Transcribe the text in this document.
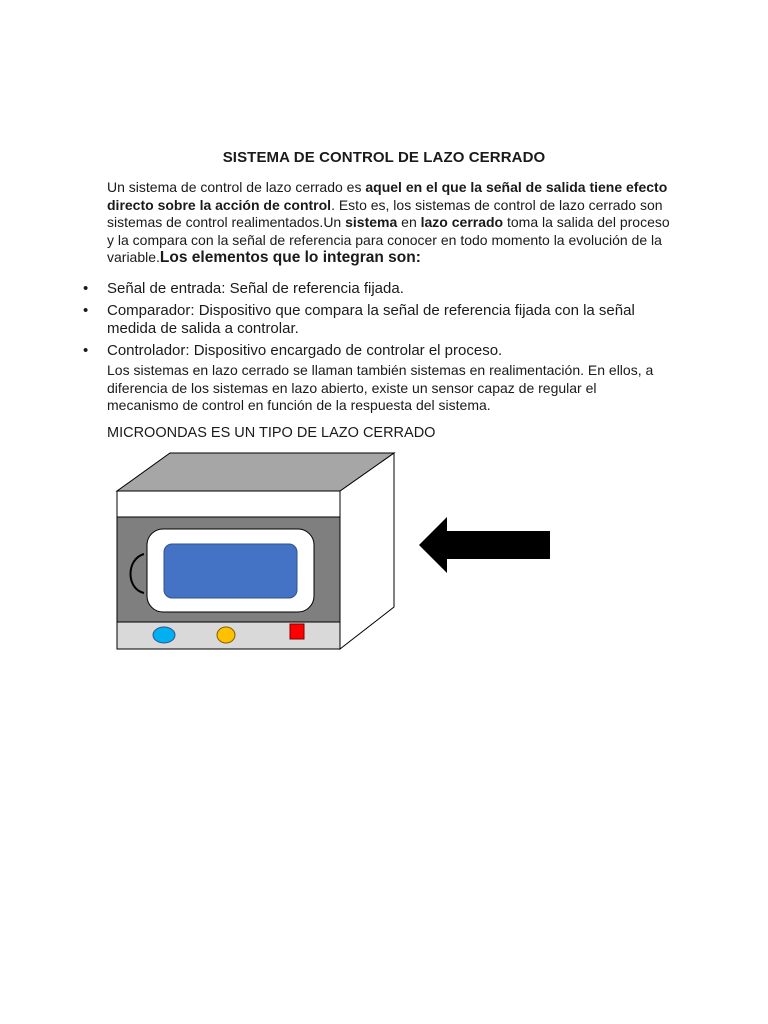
SISTEMA DE CONTROL DE LAZO CERRADO

Un sistema de control de lazo cerrado es aquel en el que la señal de salida tiene efecto directo sobre la acción de control. Esto es, los sistemas de control de lazo cerrado son sistemas de control realimentados.Un sistema en lazo cerrado toma la salida del proceso y la compara con la señal de referencia para conocer en todo momento la evolución de la variable.Los elementos que lo integran son:

• Señal de entrada: Señal de referencia fijada.
• Comparador: Dispositivo que compara la señal de referencia fijada con la señal medida de salida a controlar.
• Controlador: Dispositivo encargado de controlar el proceso.

Los sistemas en lazo cerrado se llaman también sistemas en realimentación. En ellos, a diferencia de los sistemas en lazo abierto, existe un sensor capaz de regular el mecanismo de control en función de la respuesta del sistema.

MICROONDAS ES UN TIPO DE LAZO CERRADO
